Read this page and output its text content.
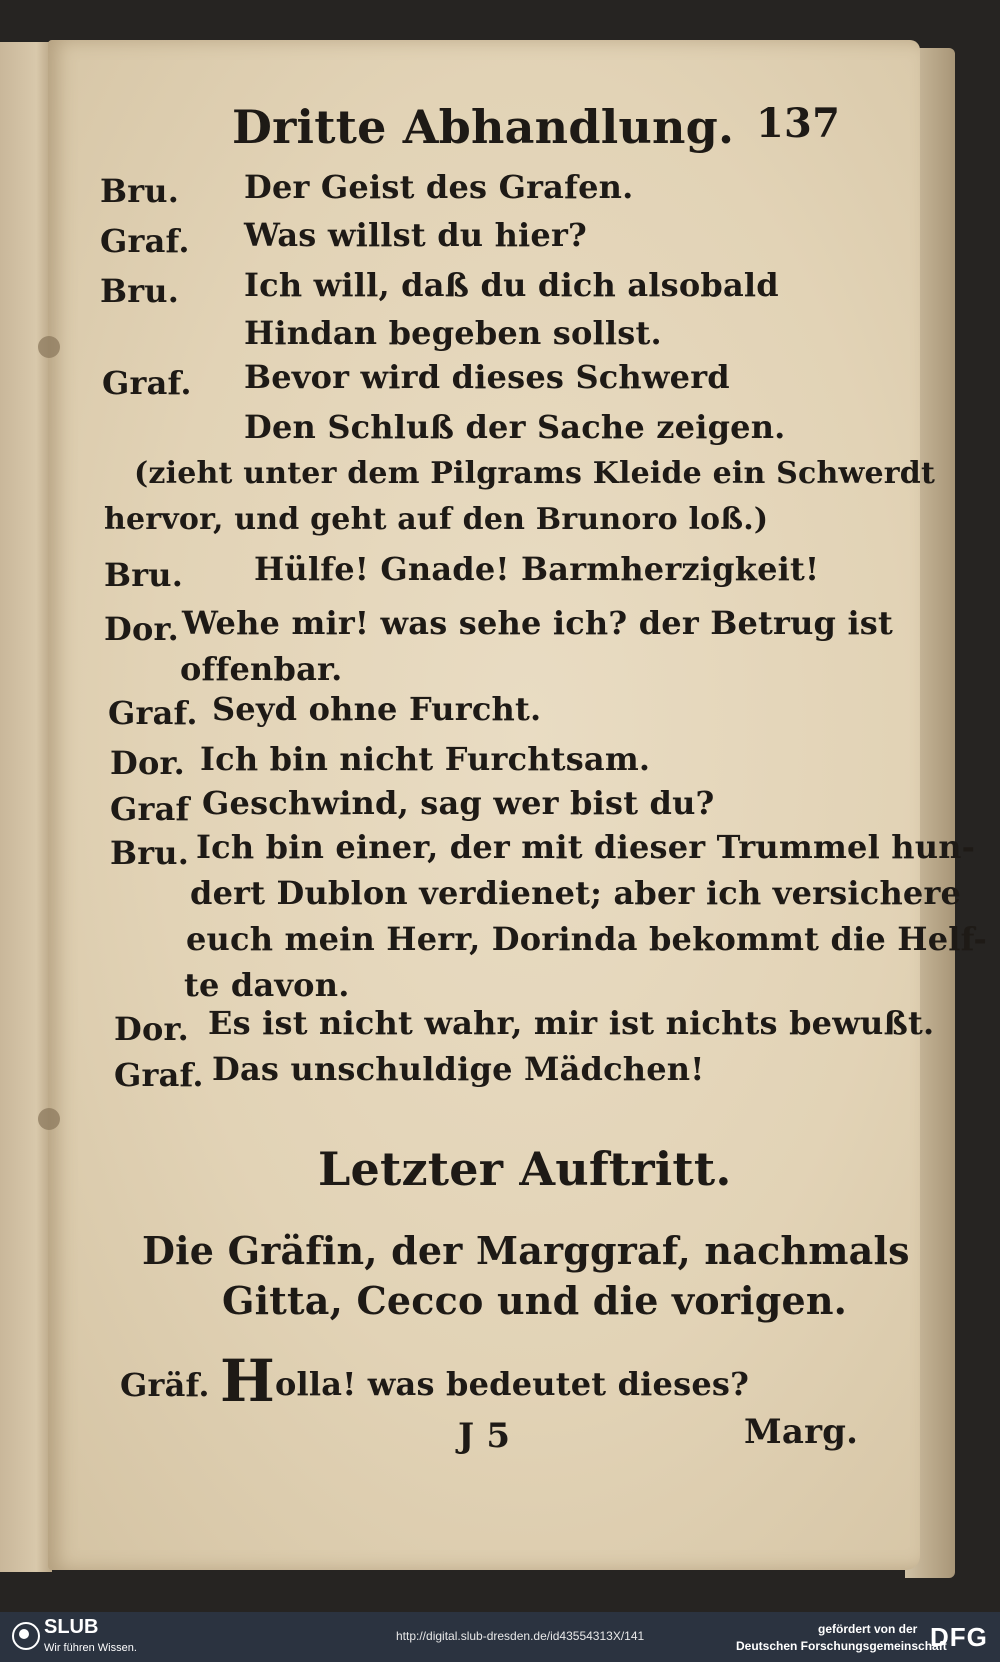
Dritte Abhandlung. 137
Bru. Der Geist des Grafen.
Graf. Was willst du hier?
Bru. Ich will, daß du dich alsobald
Hindan begeben sollst.
Graf. Bevor wird dieses Schwerd
Den Schluß der Sache zeigen.
(zieht unter dem Pilgrams Kleide ein Schwerdt
hervor, und geht auf den Brunoro loß.)
Bru. Hülfe! Gnade! Barmherzigkeit!
Dor. Wehe mir! was sehe ich? der Betrug ist
offenbar.
Graf. Seyd ohne Furcht.
Dor. Ich bin nicht Furchtsam.
Graf Geschwind, sag wer bist du?
Bru. Ich bin einer, der mit dieser Trummel hun-
dert Dublon verdienet; aber ich versichere
euch mein Herr, Dorinda bekommt die Helf-
te davon.
Dor. Es ist nicht wahr, mir ist nichts bewußt.
Graf. Das unschuldige Mädchen!
Letzter Auftritt.
Die Gräfin, der Marggraf, nachmals
Gitta, Cecco und die vorigen.
Gräf. Holla! was bedeutet dieses?
J 5	Marg.
SLUB
Wir führen Wissen.
http://digital.slub-dresden.de/id43554313X/141	gefördert von der
Deutschen Forschungsgemeinschaft
DFG
